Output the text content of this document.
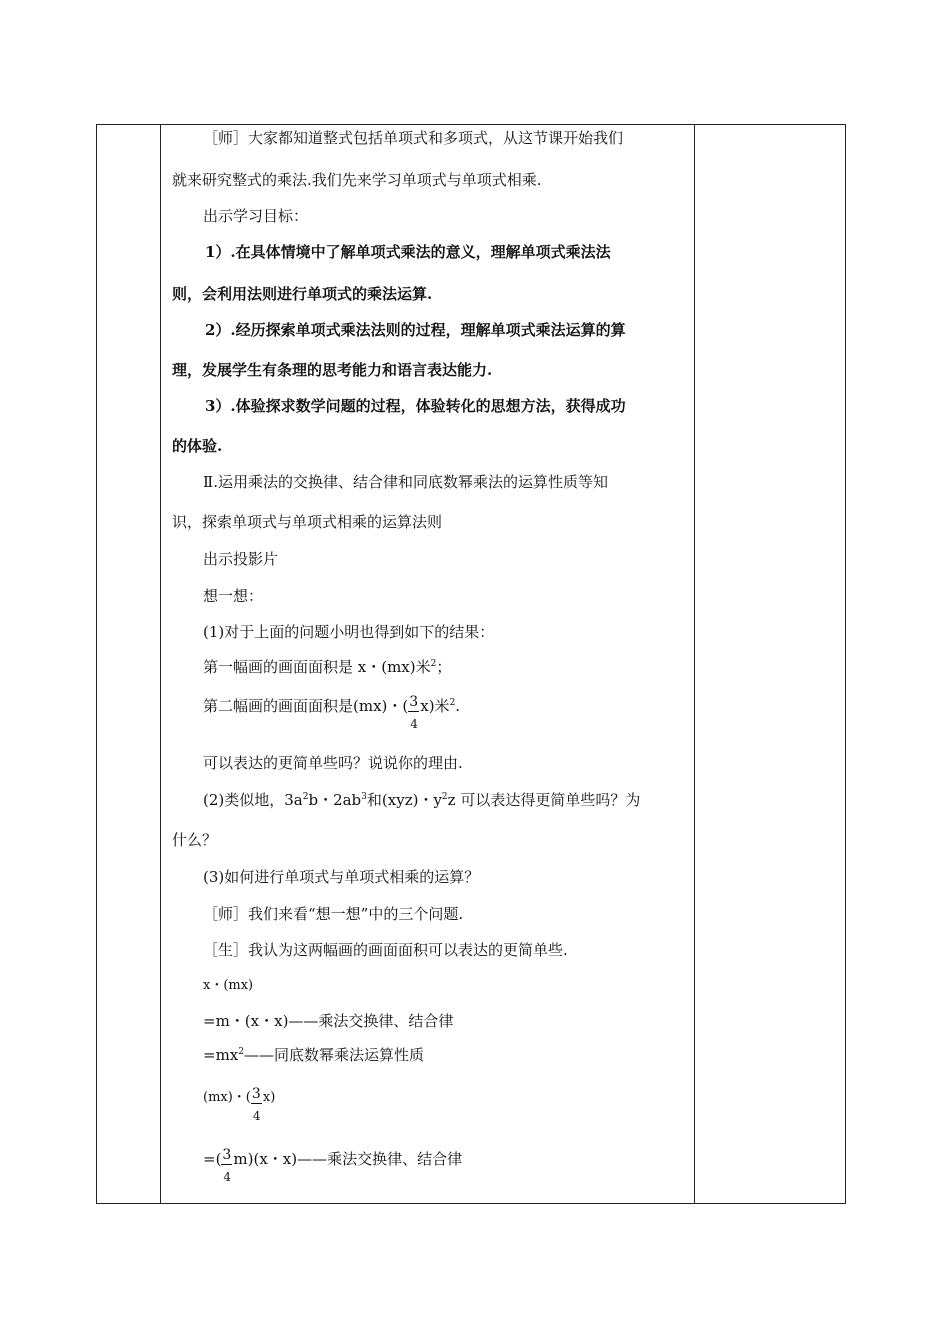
［师］大家都知道整式包括单项式和多项式，从这节课开始我们
就来研究整式的乘法.我们先来学习单项式与单项式相乘.
出示学习目标：
1）.在具体情境中了解单项式乘法的意义，理解单项式乘法法
则，会利用法则进行单项式的乘法运算.
2）.经历探索单项式乘法法则的过程，理解单项式乘法运算的算
理，发展学生有条理的思考能力和语言表达能力.
3）.体验探求数学问题的过程，体验转化的思想方法，获得成功
的体验.
Ⅱ.运用乘法的交换律、结合律和同底数幂乘法的运算性质等知
识，探索单项式与单项式相乘的运算法则
出示投影片
想一想：
(1)对于上面的问题小明也得到如下的结果：
第一幅画的画面面积是 x・(mx)米$^2$；
第二幅画的画面面积是(mx)・( $\frac{3}{4} x$)米$^2$.
可以表达的更简单些吗？说说你的理由.
(2)类似地，$3a^2b$・$2ab^3$和(xyz)・$y^2z$ 可以表达得更简单些吗？为
什么？
(3)如何进行单项式与单项式相乘的运算？
［师］我们来看“想一想”中的三个问题.
［生］我认为这两幅画的画面面积可以表达的更简单些.
x・(mx)
=m・(x・x)——乘法交换律、结合律
$=mx^2——$同底数幂乘法运算性质
(mx)・( $\frac{3}{4} x$)
=( $\frac{3}{4} m)(x$・x)——乘法交换律、结合律
